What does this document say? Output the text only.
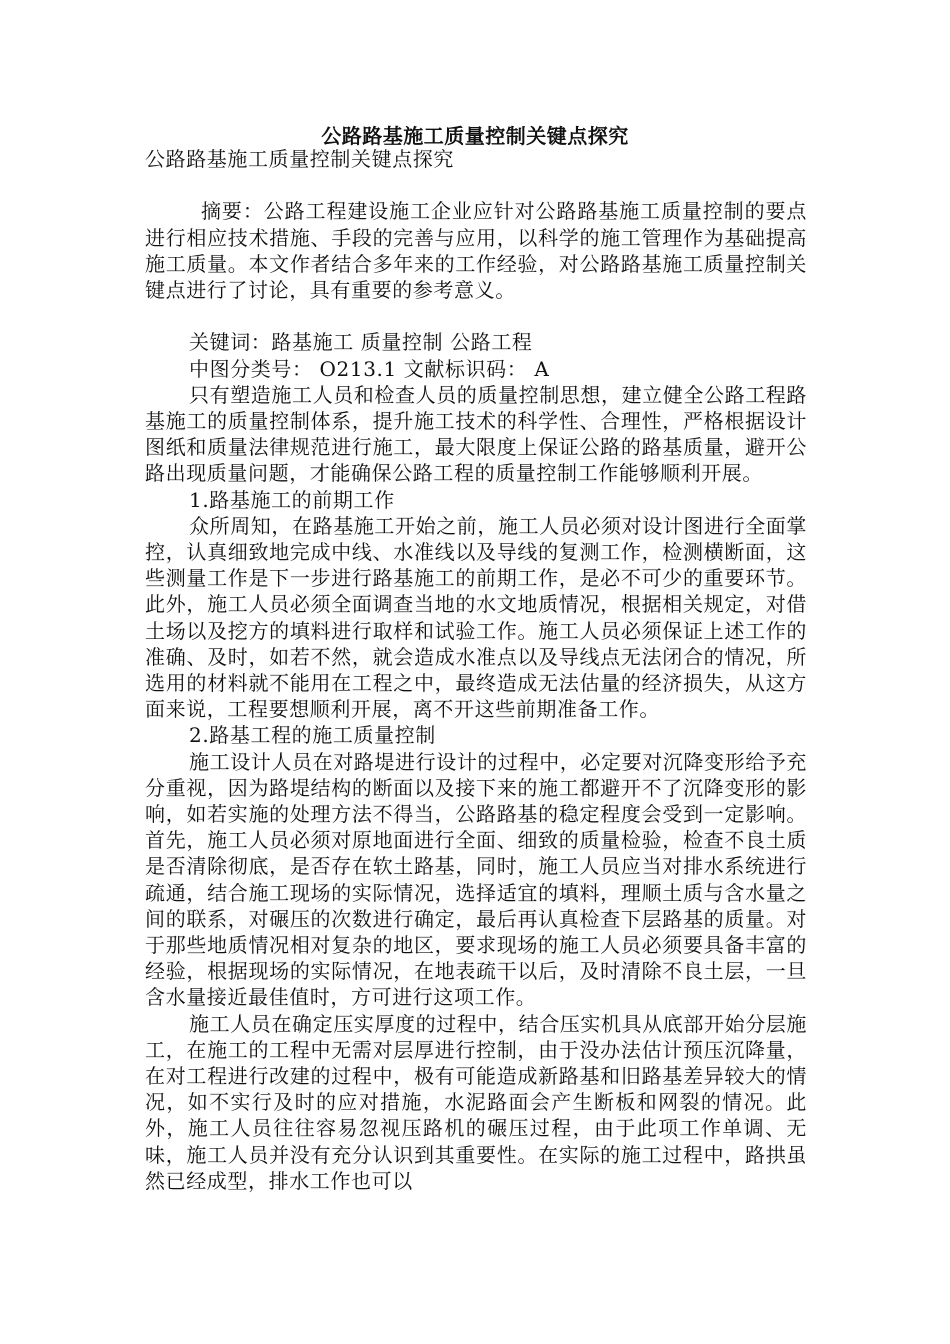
公路路基施工质量控制关键点探究

公路路基施工质量控制关键点探究

摘要：公路工程建设施工企业应针对公路路基施工质量控制的要点进行相应技术措施、手段的完善与应用，以科学的施工管理作为基础提高施工质量。本文作者结合多年来的工作经验，对公路路基施工质量控制关键点进行了讨论，具有重要的参考意义。

关键词：路基施工 质量控制 公路工程

中图分类号： O213.1 文献标识码： A

只有塑造施工人员和检查人员的质量控制思想，建立健全公路工程路基施工的质量控制体系，提升施工技术的科学性、合理性，严格根据设计图纸和质量法律规范进行施工，最大限度上保证公路的路基质量，避开公路出现质量问题，才能确保公路工程的质量控制工作能够顺利开展。

1.路基施工的前期工作

众所周知，在路基施工开始之前，施工人员必须对设计图进行全面掌控，认真细致地完成中线、水准线以及导线的复测工作，检测横断面，这些测量工作是下一步进行路基施工的前期工作，是必不可少的重要环节。此外，施工人员必须全面调查当地的水文地质情况，根据相关规定，对借土场以及挖方的填料进行取样和试验工作。施工人员必须保证上述工作的准确、及时，如若不然，就会造成水准点以及导线点无法闭合的情况，所选用的材料就不能用在工程之中，最终造成无法估量的经济损失，从这方面来说，工程要想顺利开展，离不开这些前期准备工作。

2.路基工程的施工质量控制

施工设计人员在对路堤进行设计的过程中，必定要对沉降变形给予充分重视，因为路堤结构的断面以及接下来的施工都避开不了沉降变形的影响，如若实施的处理方法不得当，公路路基的稳定程度会受到一定影响。首先，施工人员必须对原地面进行全面、细致的质量检验，检查不良土质是否清除彻底，是否存在软土路基，同时，施工人员应当对排水系统进行疏通，结合施工现场的实际情况，选择适宜的填料，理顺土质与含水量之间的联系，对碾压的次数进行确定，最后再认真检查下层路基的质量。对于那些地质情况相对复杂的地区，要求现场的施工人员必须要具备丰富的经验，根据现场的实际情况，在地表疏干以后，及时清除不良土层，一旦含水量接近最佳值时，方可进行这项工作。

施工人员在确定压实厚度的过程中，结合压实机具从底部开始分层施工，在施工的工程中无需对层厚进行控制，由于没办法估计预压沉降量，在对工程进行改建的过程中，极有可能造成新路基和旧路基差异较大的情况，如不实行及时的应对措施，水泥路面会产生断板和网裂的情况。此外，施工人员往往容易忽视压路机的碾压过程，由于此项工作单调、无味，施工人员并没有充分认识到其重要性。在实际的施工过程中，路拱虽然已经成型，排水工作也可以
